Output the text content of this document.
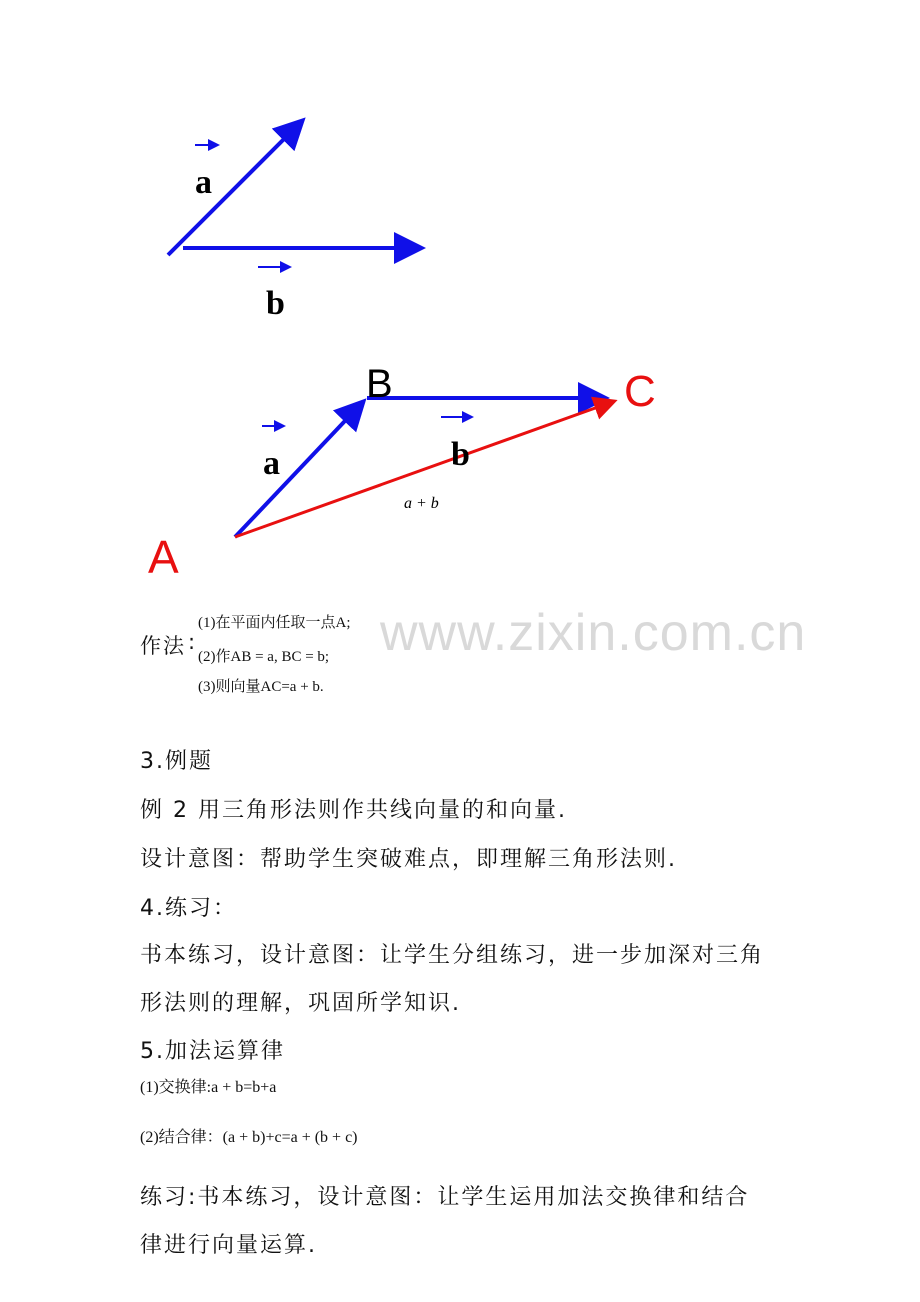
a
b
B	C
A
a	b
a + b
www.zixin.com.cn
作法 :
(1)在平面内任取一点A;
(2)作AB = a, BC = b;
(3)则向量AC=a + b.
3.例题
例 2 用三角形法则作共线向量的和向量.
设计意图：帮助学生突破难点，即理解三角形法则.
4.练习：
书本练习，设计意图：让学生分组练习，进一步加深对三角
形法则的理解，巩固所学知识.
5.加法运算律
(1)交换律:a + b=b+a
(2)结合律：(a + b)+c=a + (b + c)
练习:书本练习，设计意图：让学生运用加法交换律和结合
律进行向量运算.
